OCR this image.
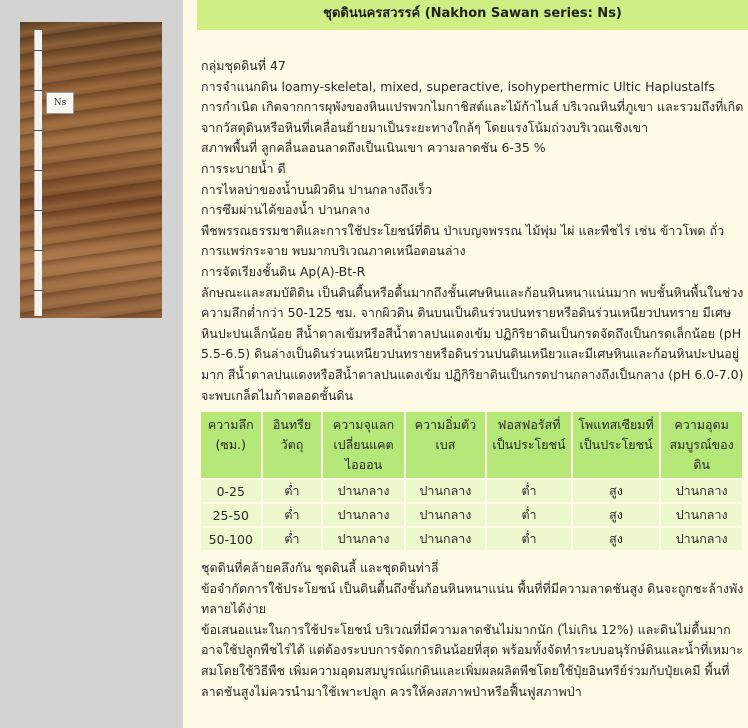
Ns
ชุดดินนครสวรรค์ (Nakhon Sawan series: Ns)

กลุ่มชุดดินที่ 47

การจำแนกดิน loamy-skeletal, mixed, superactive, isohyperthermic Ultic Haplustalfs

การกำเนิด เกิดจากการผุพังของหินแปรพวกไมกาชิสต์และไม้ก้าไนส์ บริเวณหินที่ภูเขา และรวมถึงที่เกิดจากวัสดุดินหรือหินที่เคลื่อนย้ายมาเป็นระยะทางใกล้ๆ โดยแรงโน้มถ่วงบริเวณเชิงเขา

สภาพพื้นที่ ลูกคลื่นลอนลาดถึงเป็นเนินเขา ความลาดชัน 6-35 %

การระบายน้ำ ดี

การไหลบ่าของน้ำบนผิวดิน ปานกลางถึงเร็ว

การซึมผ่านได้ของน้ำ ปานกลาง

พืชพรรณธรรมชาติและการใช้ประโยชน์ที่ดิน ป่าเบญจพรรณ ไม้พุ่ม ไผ่ และพืชไร่ เช่น ข้าวโพด ถั่ว

การแพร่กระจาย พบมากบริเวณภาคเหนือตอนล่าง

การจัดเรียงชั้นดิน Ap(A)-Bt-R

ลักษณะและสมบัติดิน เป็นดินตื้นหรือตื้นมากถึงชั้นเศษหินและก้อนหินหนาแน่นมาก พบชั้นหินพื้นในช่วงความลึกต่ำกว่า 50-125 ซม. จากผิวดิน ดินบนเป็นดินร่วนปนทรายหรือดินร่วนเหนียวปนทราย มีเศษหินปะปนเล็กน้อย สีน้ำตาลเข้มหรือสีน้ำตาลปนแดงเข้ม ปฏิกิริยาดินเป็นกรดจัดถึงเป็นกรดเล็กน้อย (pH 5.5-6.5) ดินล่างเป็นดินร่วนเหนียวปนทรายหรือดินร่วนปนดินเหนียวและมีเศษหินและก้อนหินปะปนอยู่มาก สีน้ำตาลปนแดงหรือสีน้ำตาลปนแดงเข้ม ปฏิกิริยาดินเป็นกรดปานกลางถึงเป็นกลาง (pH 6.0-7.0) จะพบเกล็ดไมก้าตลอดชั้นดิน

ความลึก (ซม.)	อินทรียวัตถุ	ความจุแลกเปลี่ยนแคตไอออน	ความอิ่มตัวเบส	ฟอสฟอรัสที่เป็นประโยชน์	โพแทสเซียมที่เป็นประโยชน์	ความอุดมสมบูรณ์ของดิน
0-25	ต่ำ	ปานกลาง	ปานกลาง	ต่ำ	สูง	ปานกลาง
25-50	ต่ำ	ปานกลาง	ปานกลาง	ต่ำ	สูง	ปานกลาง
50-100	ต่ำ	ปานกลาง	ปานกลาง	ต่ำ	สูง	ปานกลาง

ชุดดินที่คล้ายคลึงกัน ชุดดินลี้ และชุดดินท่าลี่

ข้อจำกัดการใช้ประโยชน์ เป็นดินตื้นถึงชั้นก้อนหินหนาแน่น พื้นที่ที่มีความลาดชันสูง ดินจะถูกชะล้างพังทลายได้ง่าย

ข้อเสนอแนะในการใช้ประโยชน์ บริเวณที่มีความลาดชันไม่มากนัก (ไม่เกิน 12%) และดินไม่ตื้นมาก อาจใช้ปลูกพืชไร่ได้ แต่ต้องระบบการจัดการดินน้อยที่สุด พร้อมทั้งจัดทำระบบอนุรักษ์ดินและน้ำที่เหมาะสมโดยใช้วิธีพืช เพิ่มความอุดมสมบูรณ์แก่ดินและเพิ่มผลผลิตพืชโดยใช้ปุ๋ยอินทรีย์ร่วมกับปุ๋ยเคมี พื้นที่ลาดชันสูงไม่ควรนำมาใช้เพาะปลูก ควรให้คงสภาพป่าหรือฟื้นฟูสภาพป่า
